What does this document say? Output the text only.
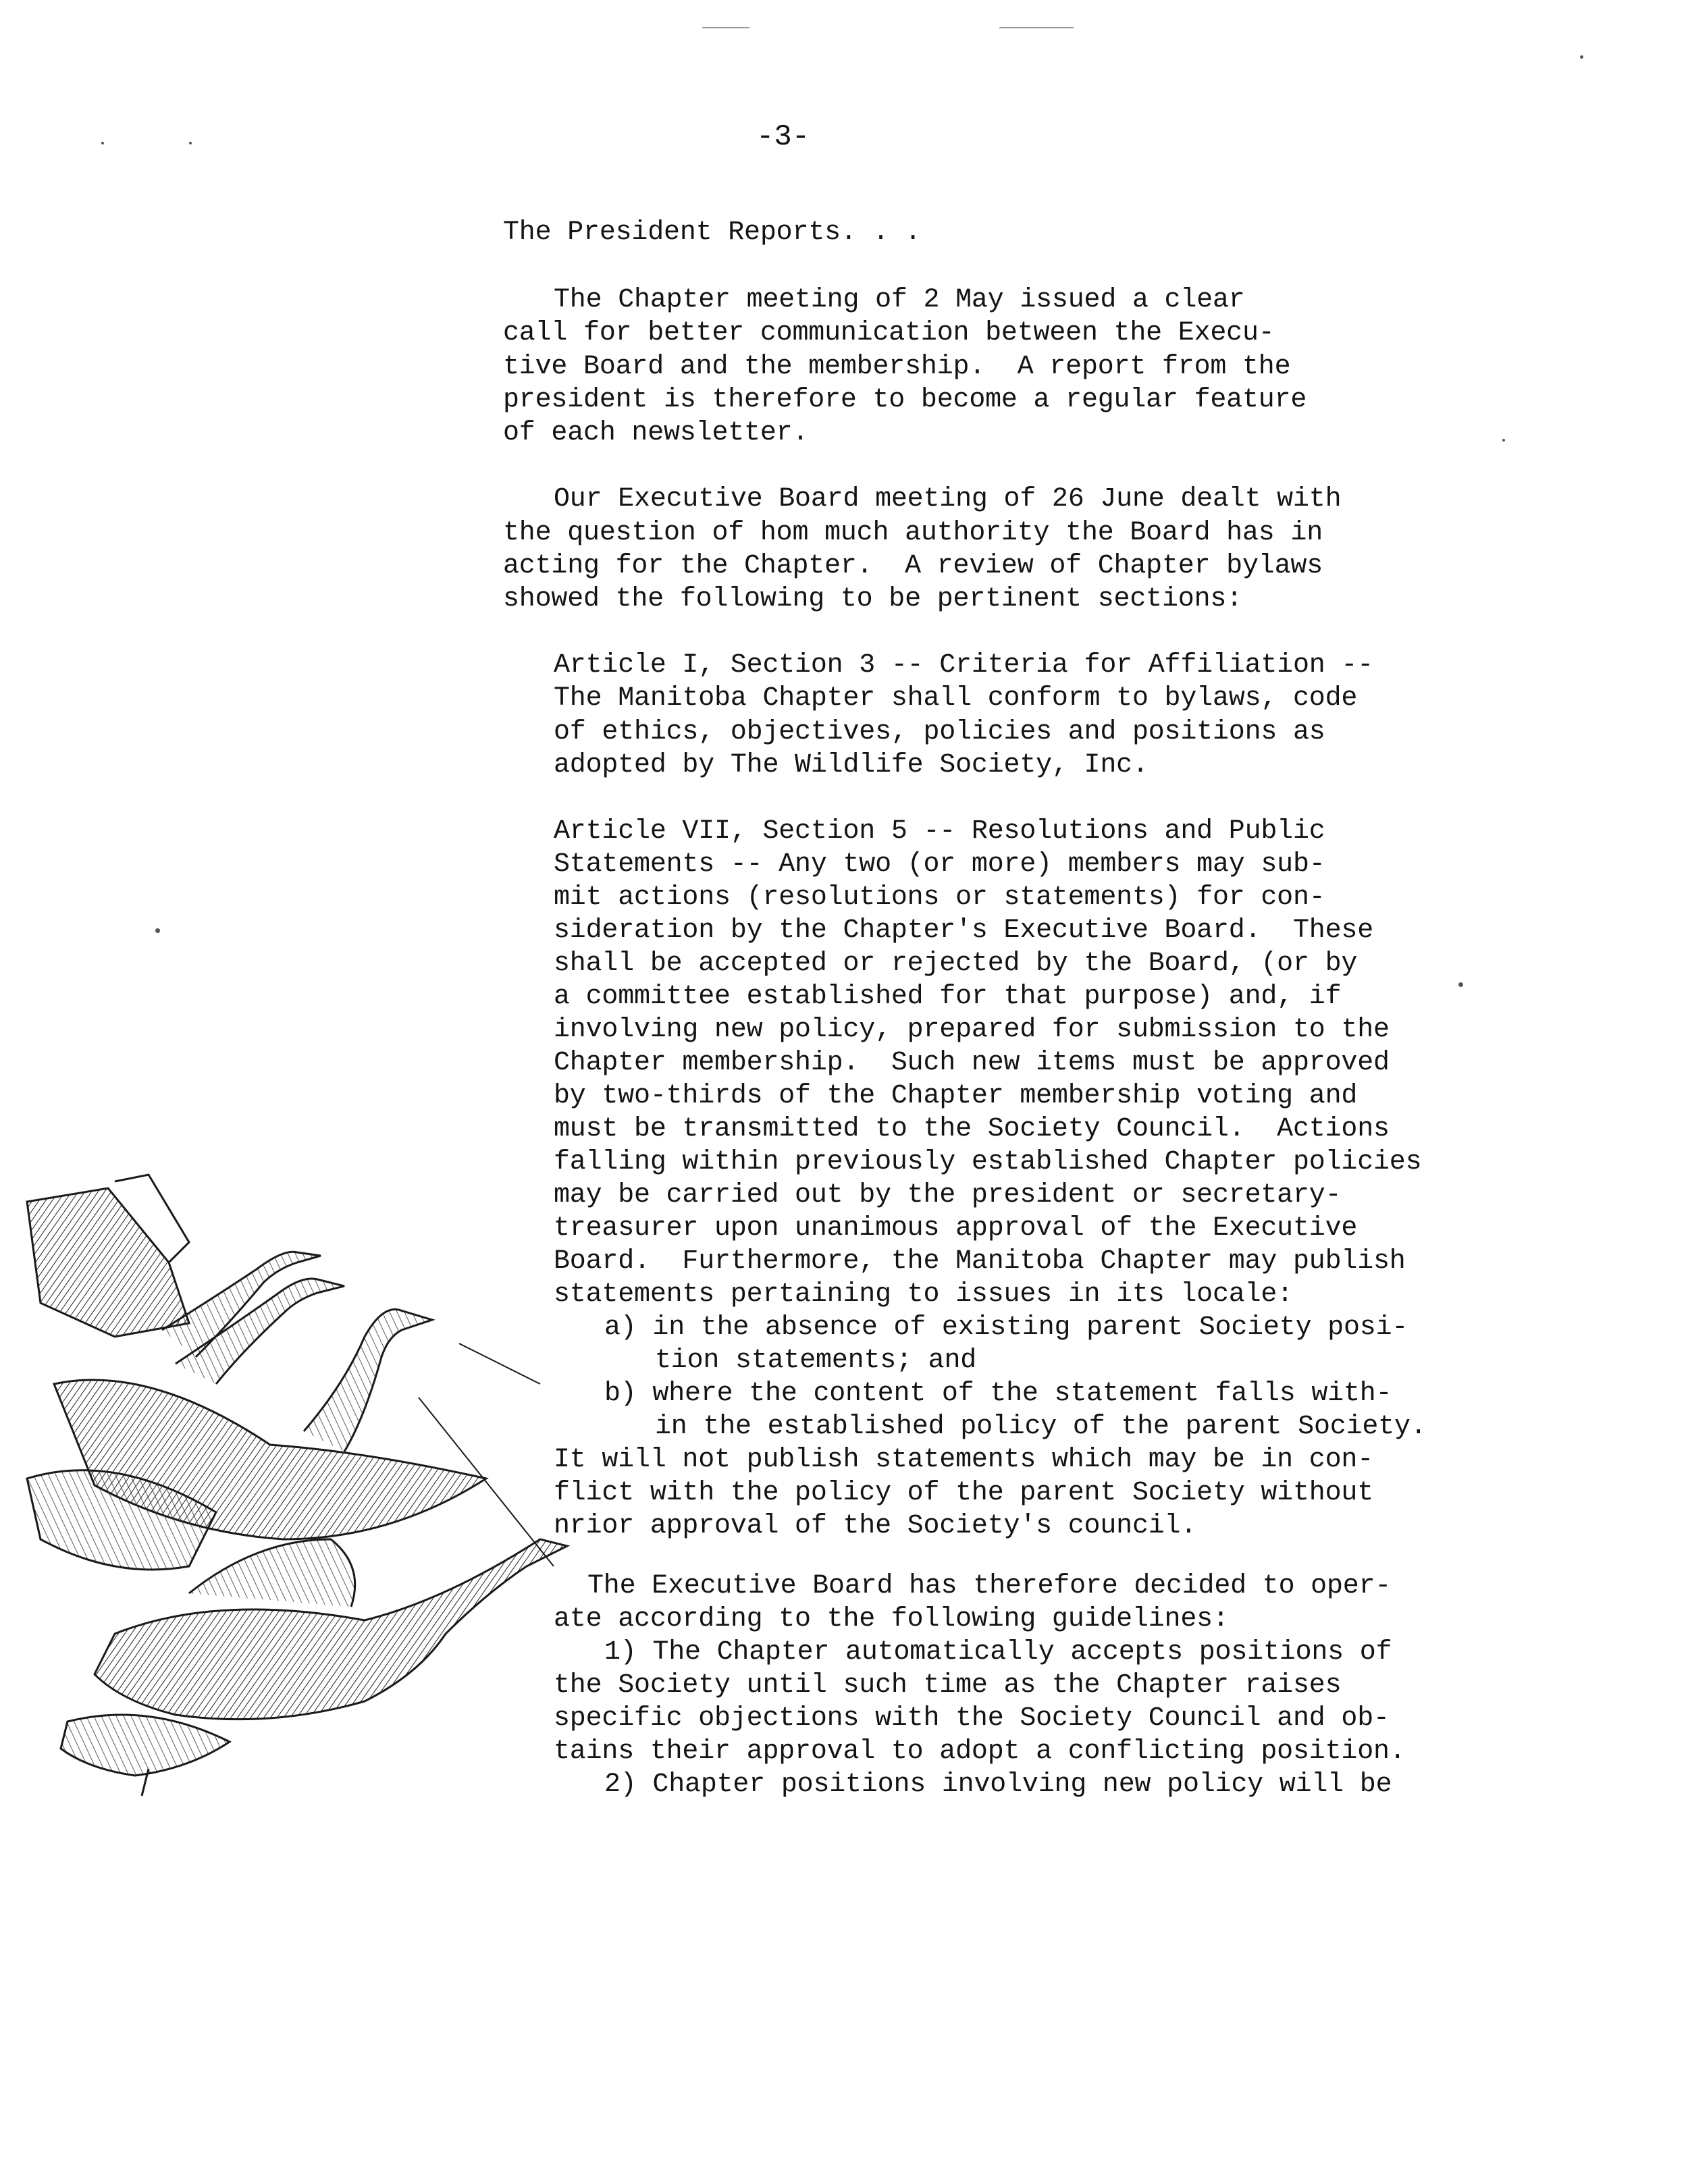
-3-
The President Reports. . .
The Chapter meeting of 2 May issued a clear
call for better communication between the Execu-
tive Board and the membership.  A report from the
president is therefore to become a regular feature
of each newsletter.
Our Executive Board meeting of 26 June dealt with
the question of hom much authority the Board has in
acting for the Chapter.  A review of Chapter bylaws
showed the following to be pertinent sections:
Article I, Section 3 -- Criteria for Affiliation --
The Manitoba Chapter shall conform to bylaws, code
of ethics, objectives, policies and positions as
adopted by The Wildlife Society, Inc.
Article VII, Section 5 -- Resolutions and Public
Statements -- Any two (or more) members may sub-
mit actions (resolutions or statements) for con-
sideration by the Chapter's Executive Board.  These
shall be accepted or rejected by the Board, (or by
a committee established for that purpose) and, if
involving new policy, prepared for submission to the
Chapter membership.  Such new items must be approved
by two-thirds of the Chapter membership voting and
must be transmitted to the Society Council.  Actions
falling within previously established Chapter policies
may be carried out by the president or secretary-
treasurer upon unanimous approval of the Executive
Board.  Furthermore, the Manitoba Chapter may publish
statements pertaining to issues in its locale:
a) in the absence of existing parent Society posi-
tion statements; and
b) where the content of the statement falls with-
in the established policy of the parent Society.
It will not publish statements which may be in con-
flict with the policy of the parent Society without
nrior approval of the Society's council.
The Executive Board has therefore decided to oper-
ate according to the following guidelines:
1) The Chapter automatically accepts positions of
the Society until such time as the Chapter raises
specific objections with the Society Council and ob-
tains their approval to adopt a conflicting position.
2) Chapter positions involving new policy will be
